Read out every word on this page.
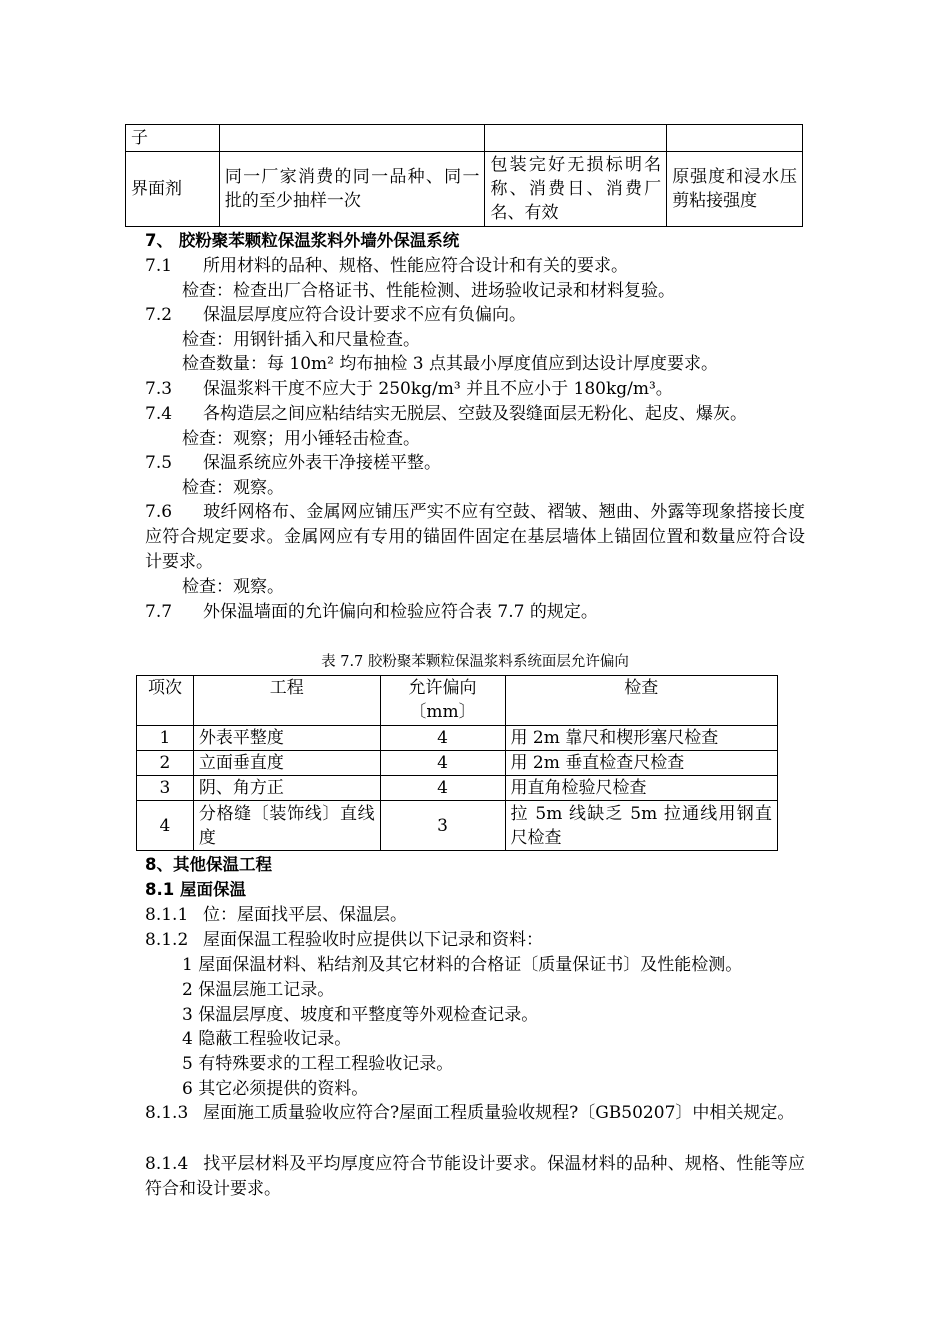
子			
界面剂	同一厂家消费的同一品种、同一批的至少抽样一次	包装完好无损标明名称、消费日、消费厂名、有效	原强度和浸水压剪粘接强度
7、 胶粉聚苯颗粒保温浆料外墙外保温系统
7.1 所用材料的品种、规格、性能应符合设计和有关的要求。
检查：检查出厂合格证书、性能检测、进场验收记录和材料复验。
7.2 保温层厚度应符合设计要求不应有负偏向。
检查：用钢针插入和尺量检查。
检查数量：每 10m² 均布抽检 3 点其最小厚度值应到达设计厚度要求。
7.3 保温浆料干度不应大于 250kg/m³ 并且不应小于 180kg/m³。
7.4 各构造层之间应粘结结实无脱层、空鼓及裂缝面层无粉化、起皮、爆灰。
检查：观察；用小锤轻击检查。
7.5 保温系统应外表干净接槎平整。
检查：观察。
7.6 玻纤网格布、金属网应铺压严实不应有空鼓、褶皱、翘曲、外露等现象搭接长度应符合规定要求。金属网应有专用的锚固件固定在基层墙体上锚固位置和数量应符合设计要求。
检查：观察。
7.7 外保温墙面的允许偏向和检验应符合表 7.7 的规定。
表 7.7 胶粉聚苯颗粒保温浆料系统面层允许偏向
项次	工程	允许偏向〔mm〕	检查
1	外表平整度	4	用 2m 靠尺和楔形塞尺检查
2	立面垂直度	4	用 2m 垂直检查尺检查
3	阴、角方正	4	用直角检验尺检查
4	分格缝〔装饰线〕直线度	3	拉 5m 线缺乏 5m 拉通线用钢直尺检查
8、其他保温工程
8.1 屋面保温
8.1.1 位：屋面找平层、保温层。
8.1.2 屋面保温工程验收时应提供以下记录和资料：
1 屋面保温材料、粘结剂及其它材料的合格证〔质量保证书〕及性能检测。
2 保温层施工记录。
3 保温层厚度、坡度和平整度等外观检查记录。
4 隐蔽工程验收记录。
5 有特殊要求的工程工程验收记录。
6 其它必须提供的资料。
8.1.3 屋面施工质量验收应符合?屋面工程质量验收规程?〔GB50207〕中相关规定。
8.1.4 找平层材料及平均厚度应符合节能设计要求。保温材料的品种、规格、性能等应符合和设计要求。
